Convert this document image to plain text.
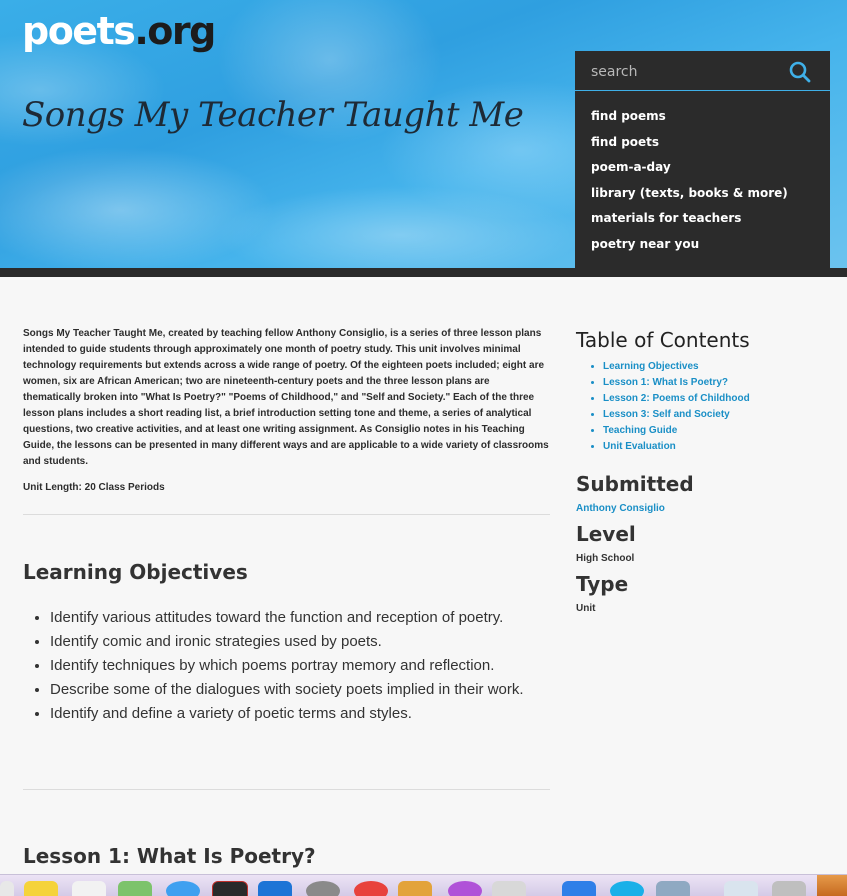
poets.org
Songs My Teacher Taught Me
search	find poems
find poets
poem-a-day
library (texts, books & more)
materials for teachers
poetry near you

Songs My Teacher Taught Me, created by teaching fellow Anthony Consiglio, is a series of three lesson plans intended to guide students through approximately one month of poetry study. This unit involves minimal technology requirements but extends across a wide range of poetry. Of the eighteen poets included; eight are women, six are African American; two are nineteenth-century poets and the three lesson plans are thematically broken into "What Is Poetry?" "Poems of Childhood," and "Self and Society." Each of the three lesson plans includes a short reading list, a brief introduction setting tone and theme, a series of analytical questions, two creative activities, and at least one writing assignment. As Consiglio notes in his Teaching Guide, the lessons can be presented in many different ways and are applicable to a wide variety of classrooms and students.

Unit Length: 20 Class Periods

Learning Objectives
• Identify various attitudes toward the function and reception of poetry.
• Identify comic and ironic strategies used by poets.
• Identify techniques by which poems portray memory and reflection.
• Describe some of the dialogues with society poets implied in their work.
• Identify and define a variety of poetic terms and styles.
Lesson 1: What Is Poetry?
Table of Contents
• Learning Objectives
• Lesson 1: What Is Poetry?
• Lesson 2: Poems of Childhood
• Lesson 3: Self and Society
• Teaching Guide
• Unit Evaluation
Submitted

Anthony Consiglio

Level

High School

Type

Unit
